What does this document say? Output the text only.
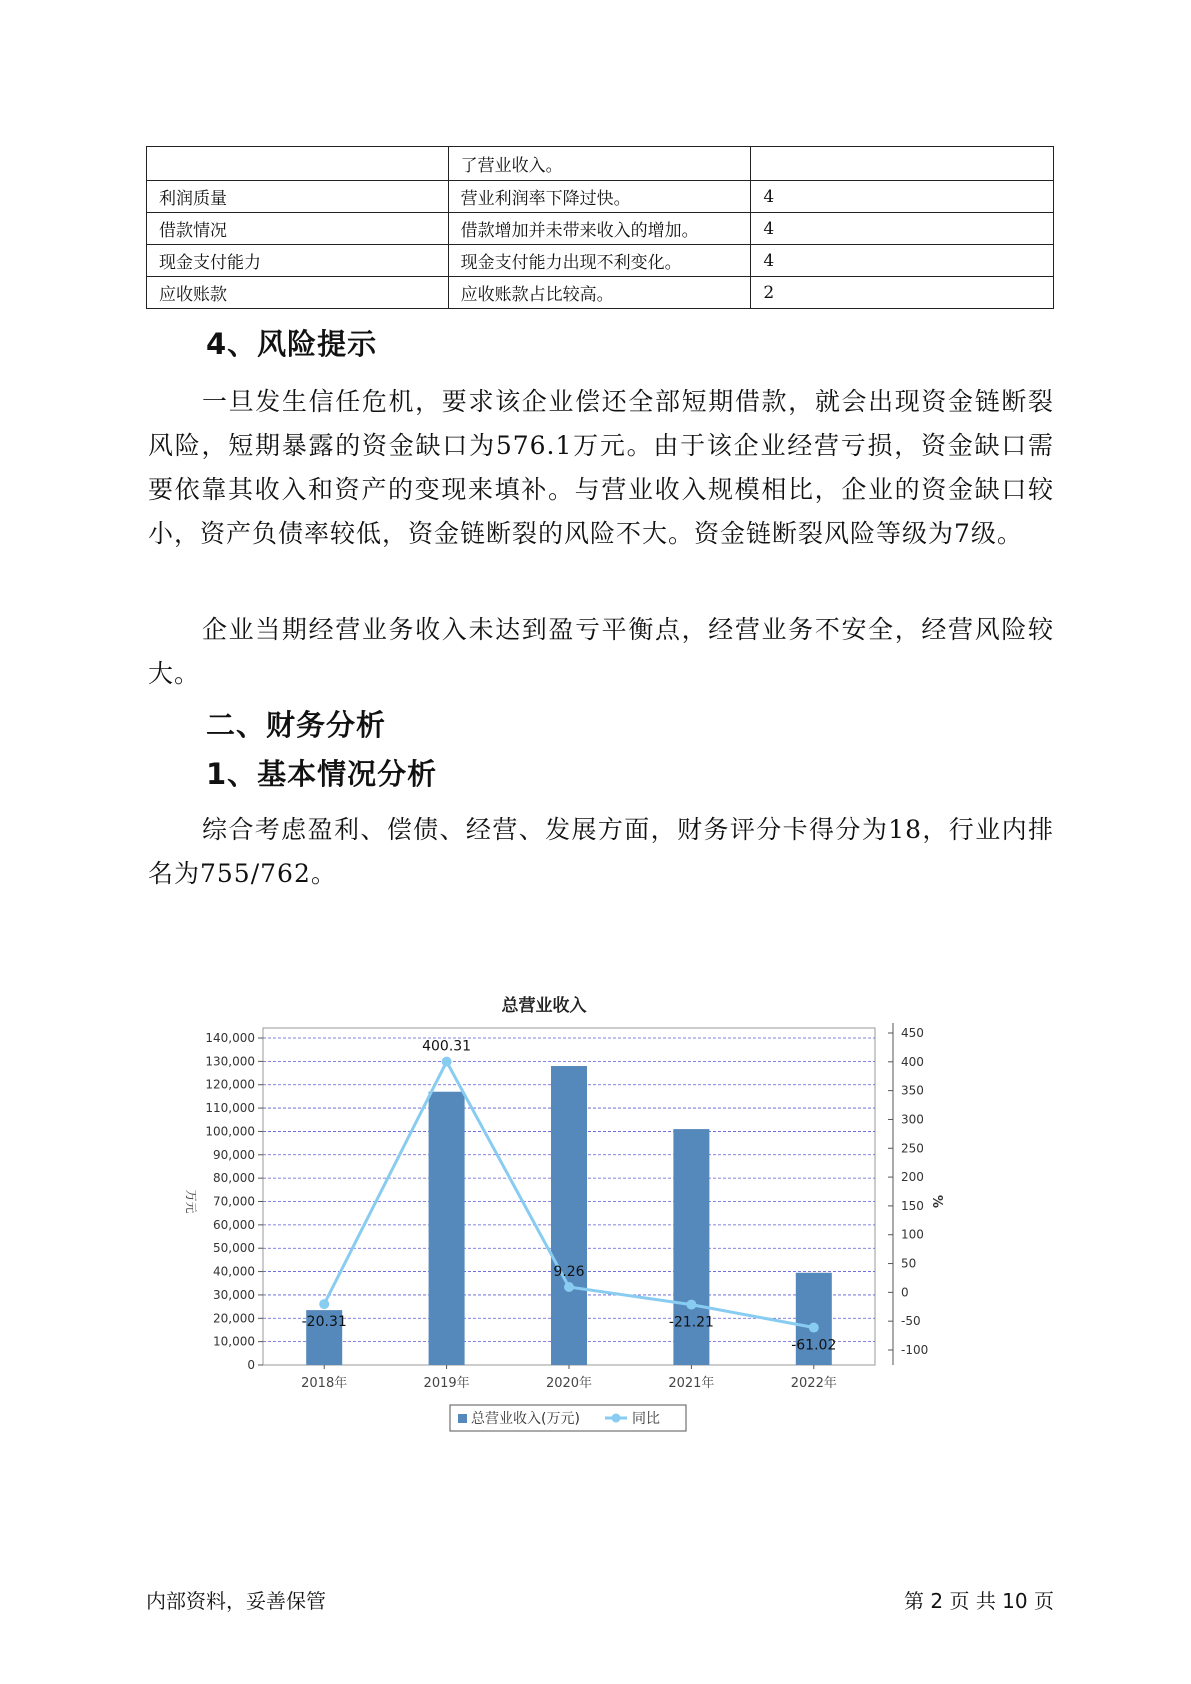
	了营业收入。	
利润质量	营业利润率下降过快。	4
借款情况	借款增加并未带来收入的增加。	4
现金支付能力	现金支付能力出现不利变化。	4
应收账款	应收账款占比较高。	2
4、风险提示
一旦发生信任危机，要求该企业偿还全部短期借款，就会出现资金链断裂风险，短期暴露的资金缺口为576.1万元。由于该企业经营亏损，资金缺口需要依靠其收入和资产的变现来填补。与营业收入规模相比，企业的资金缺口较小，资产负债率较低，资金链断裂的风险不大。资金链断裂风险等级为7级。
企业当期经营业务收入未达到盈亏平衡点，经营业务不安全，经营风险较大。
二、财务分析
1、基本情况分析
综合考虑盈利、偿债、经营、发展方面，财务评分卡得分为18，行业内排名为755/762。
总营业收入
0
10,000
20,000
30,000
40,000
50,000
60,000
70,000
80,000
90,000
100,000
110,000
120,000
130,000
140,000
-100
-50
0
50
100
150
200
250
300
350
400
450
万元	%
2018年	2019年	2020年	2021年	2022年
-20.31
400.31
9.26
-21.21
-61.02
总营业收入(万元)	同比
内部资料，妥善保管	第 2 页 共 10 页
